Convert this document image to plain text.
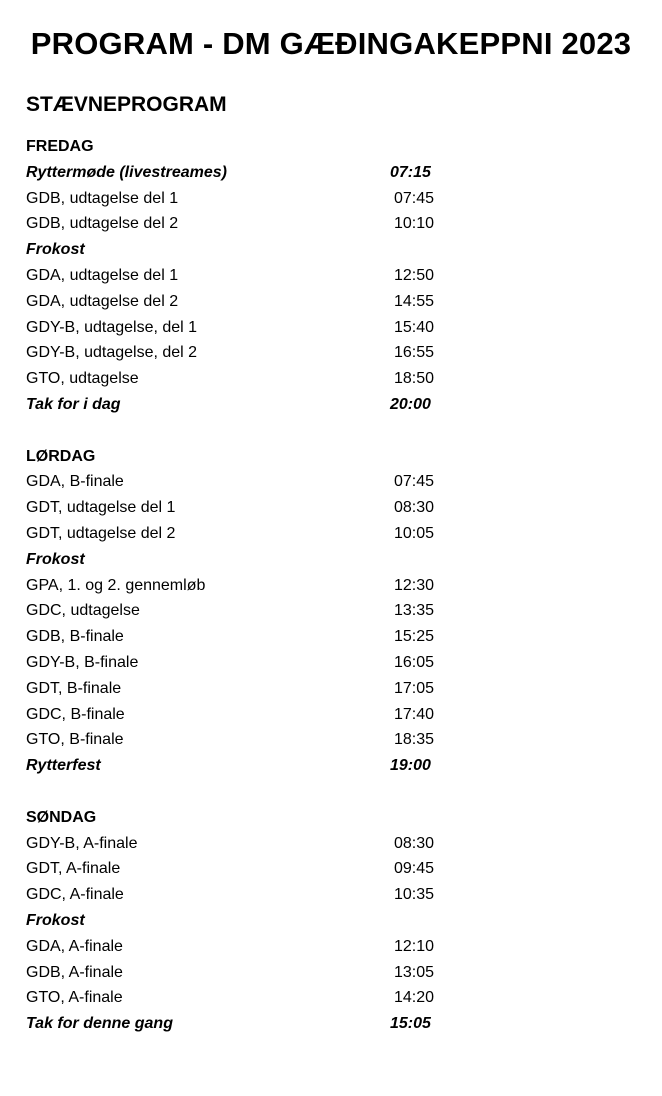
PROGRAM - DM GÆÐINGAKEPPNI 2023
STÆVNEPROGRAM
FREDAG
Ryttermøde (livestreames)	07:15
GDB, udtagelse del 1	07:45
GDB, udtagelse del 2	10:10
Frokost
GDA, udtagelse del 1	12:50
GDA, udtagelse del 2	14:55
GDY-B, udtagelse, del 1	15:40
GDY-B, udtagelse, del 2	16:55
GTO, udtagelse	18:50
Tak for i dag	20:00
LØRDAG
GDA, B-finale	07:45
GDT, udtagelse del 1	08:30
GDT, udtagelse del 2	10:05
Frokost
GPA, 1. og 2. gennemløb	12:30
GDC, udtagelse	13:35
GDB, B-finale	15:25
GDY-B, B-finale	16:05
GDT, B-finale	17:05
GDC, B-finale	17:40
GTO, B-finale	18:35
Rytterfest	19:00
SØNDAG
GDY-B, A-finale	08:30
GDT, A-finale	09:45
GDC, A-finale	10:35
Frokost
GDA, A-finale	12:10
GDB, A-finale	13:05
GTO, A-finale	14:20
Tak for denne gang	15:05
